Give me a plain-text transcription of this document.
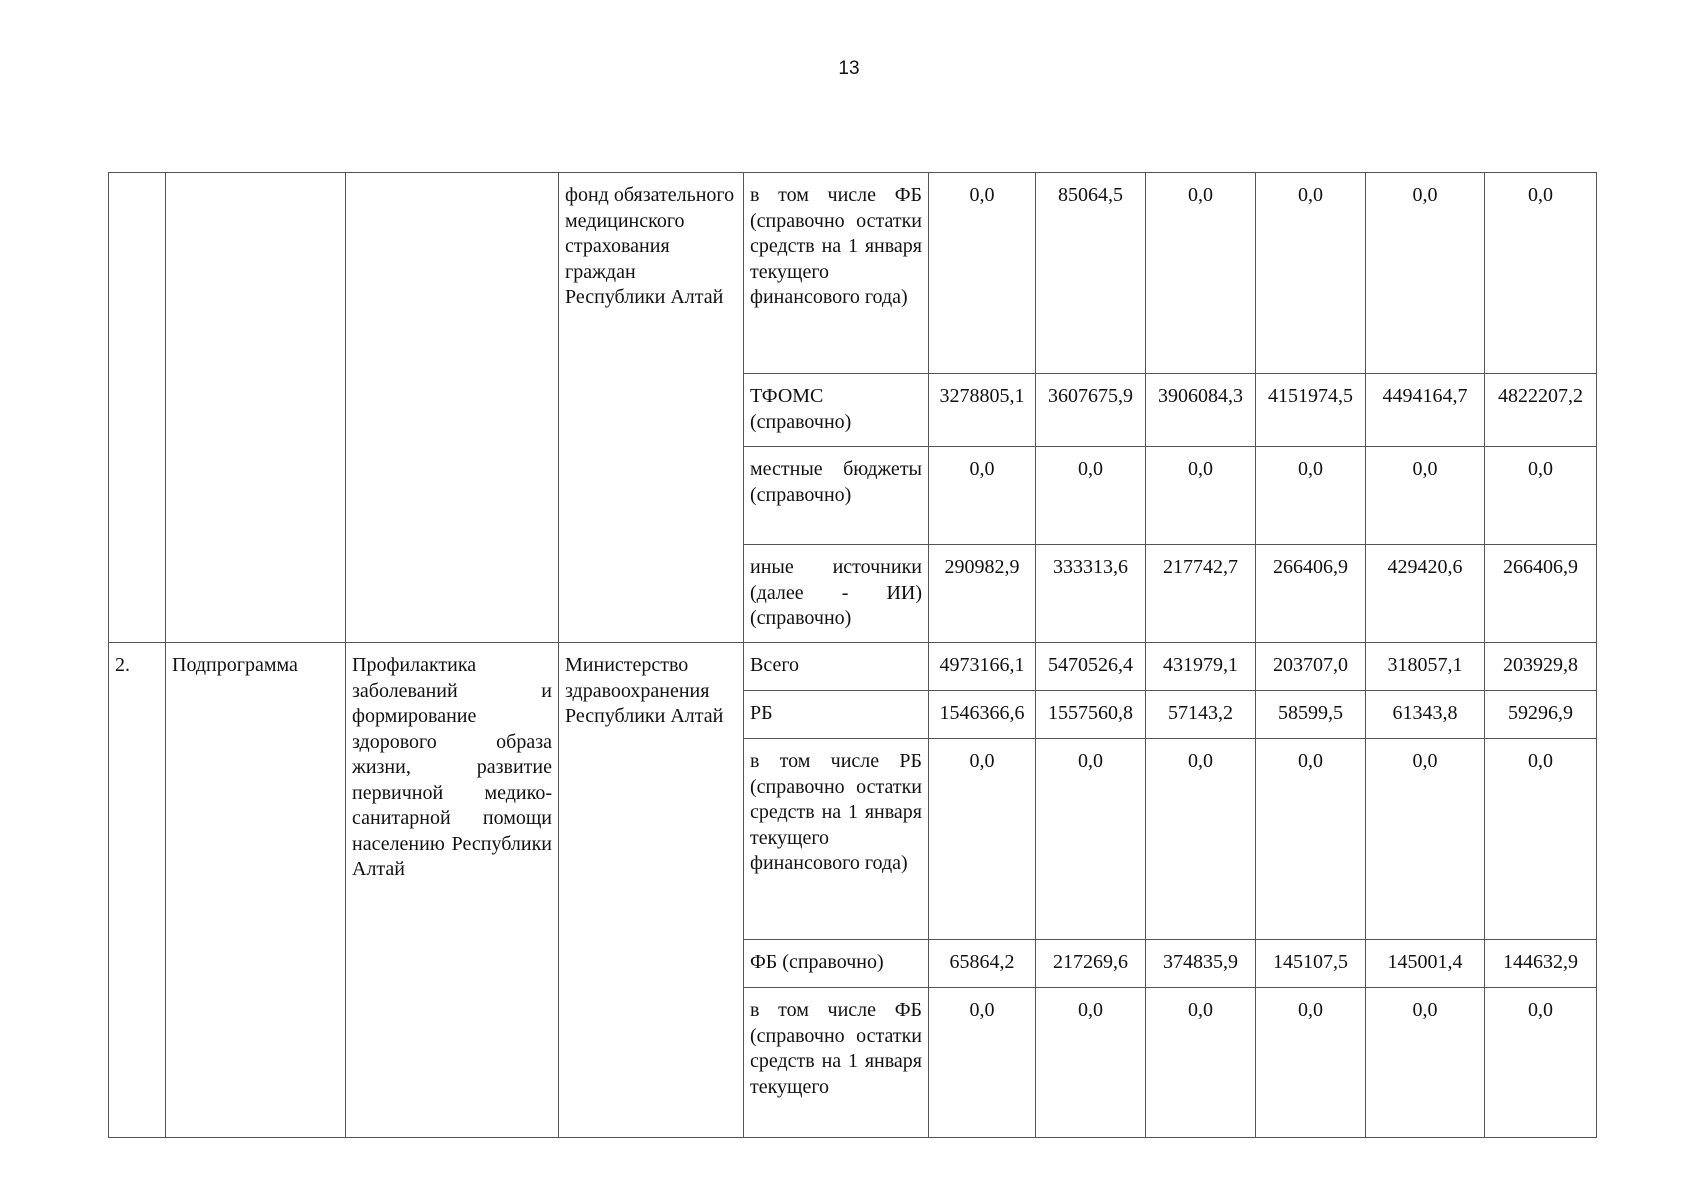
13
			фонд обязательного медицинского страхования граждан Республики Алтай	в том числе ФБ (справочно остатки средств на 1 января текущего финансового года)	0,0	85064,5	0,0	0,0	0,0	0,0
				ТФОМС (справочно)	3278805,1	3607675,9	3906084,3	4151974,5	4494164,7	4822207,2
				местные бюджеты (справочно)	0,0	0,0	0,0	0,0	0,0	0,0
				иные источники (далее - ИИ) (справочно)	290982,9	333313,6	217742,7	266406,9	429420,6	266406,9
2.	Подпрограмма	Профилактика заболеваний и формирование здорового образа жизни, развитие первичной медико-санитарной помощи населению Республики Алтай	Министерство здравоохранения Республики Алтай	Всего	4973166,1	5470526,4	431979,1	203707,0	318057,1	203929,8
				РБ	1546366,6	1557560,8	57143,2	58599,5	61343,8	59296,9
				в том числе РБ (справочно остатки средств на 1 января текущего финансового года)	0,0	0,0	0,0	0,0	0,0	0,0
				ФБ (справочно)	65864,2	217269,6	374835,9	145107,5	145001,4	144632,9
				в том числе ФБ (справочно остатки средств на 1 января текущего	0,0	0,0	0,0	0,0	0,0	0,0
